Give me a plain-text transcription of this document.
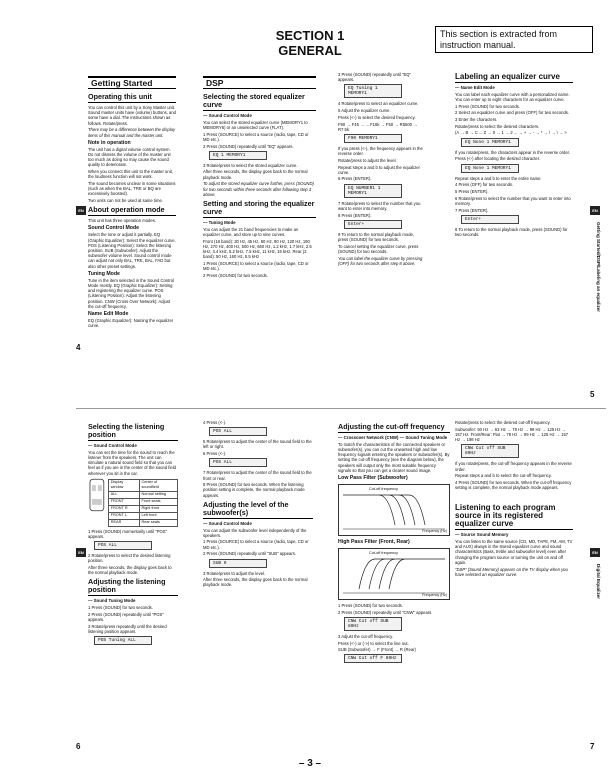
SECTION 1
GENERAL
This section is extracted from instruction manual.
Getting Started
Operating this unit

You can control this unit by a Sony Master unit. Sound master units have (volume) buttons, and some have a dial. The instructions shown as follows. Rotate/press.

There may be a difference between the display items of this manual and the master unit.

Note in operation

The unit has a digital volume control system. Do not dismiss the volume of the master unit too much as doing so may cause the sound quality to deteriorate.

When you connect this unit to the master unit, the loudness function will not work.

The sound becomes unclear in some situations (such as when the BAL, TRE or BQ are excessively boosted).

Two units can not be used at same time.

About operation mode

This unit has three operation modes.

Sound Control Mode

Select the tone or adjust it partially. EQ (Graphic Equalizer): Select the equalizer curve. POS (Listening Position): Select the listening position. SUB (Subwoofer): Adjust the subwoofer volume level. Sound control mode can adjust not only BAL, TRE, BAL, FAD but also other preset settings.

Tuning Mode

Tune in the item selected in the Sound Control Mode mostly. EQ (Graphic Equalizer): Setting and registering the equalizer curve. POS (Listening Position): Adjust the listening position. CNW (Cross Over Network): Adjust the cut-off frequency.

Name Edit Mode

EQ (Graphic Equalizer): Naming the equalizer curve.

DSP
Selecting the stored equalizer curve

— Sound Control Mode

You can select the stored equalizer curve (MEMORY1 to MEMORY6) or an unselected curve (FLAT).

1 Press (SOURCE) to select a source (radio, tape, CD or MD etc.).

2 Press (SOUND) repeatedly until "EQ" appears.

EQ 1 MEMORY1

3 Rotate/press to select the stored equalizer curve.

After three seconds, the display goes back to the normal playback mode.

To adjust the stored equalizer curve further, press (SOUND) for two seconds within three seconds after following step 3 above.

Setting and storing the equalizer curve

— Tuning Mode

You can adjust the 21 band frequencies to make an equalizer curve, and store up to nine curves.

Front (18 band): 30 Hz, 45 Hz, 60 Hz, 90 Hz, 120 Hz, 190 Hz, 270 Hz, 400 Hz, 500 Hz, 660 Hz, 1.2 kHz, 1.7 kHz, 2.5 kHz, 3.4 kHz, 5.2 kHz, 7.5 kHz, 11 kHz, 16 kHz. Rear (3 band): 50 Hz, 160 Hz, 5.5 kHz

1 Press (SOURCE) to select a source (radio, tape, CD or MD etc.).

2 Press (SOUND) for two seconds.

3 Press (SOUND) repeatedly until "EQ" appears.

EQ Tuning 1 MEMORY1

4 Rotate/press to select an equalizer curve.

5 Adjust the equalizer curve.

Press (<-) to select the desired frequency.

F90 → F45 → ... F16k → F50 → R5500 → R7.5k

F90 MEMORY1

If you press (<-), the frequency appears in the reverse order.

Rotate/press to adjust the level.

Repeat steps a and b to adjust the equalizer curve.

6 Press (ENTER).

EQ NUMBER1 1 MEMORY1

7 Rotate/press to select the number that you want to enter into memory.

8 Press (ENTER).

Enter+

9 To return to the normal playback mode, press (SOUND) for two seconds.

To cancel setting the equalizer curve, press (SOUND) for two seconds.

You can label the equalizer curve by pressing (OFF) for two seconds after step 8 above.

Labeling an equalizer curve

— Name Edit Mode

You can label each equalizer curve with a personalized name. You can enter up to eight characters for an equalizer curve.

1 Press (SOUND) for two seconds.

2 Select an equalizer curve and press (OFF) for two seconds.

3 Enter the characters.

Rotate/press to select the desired characters.

(A → B → C ... Z → 0 → 1 → 2 ... → + → - → * → / → \ → >

EQ None 1 MEMORY1

If you rotate/press, the characters appear in the reverse order.

Press (<-) after locating the desired character.

EQ None 1 MEMORY1

Repeat steps a and b to enter the entire name.

4 Press (OFF) for two seconds.

5 Press (ENTER).

6 Rotate/press to select the number that you want to enter into memory.

7 Press (ENTER).

Enter+

8 To return to the normal playback mode, press (SOUND) for two seconds.

4
5
EN	EN
Getting Started/DSP/Labeling an equalizer
Selecting the listening position

— Sound Control Mode

You can set the time for the sound to reach the listener from the speakers. The unit can simulate a natural sound field so that you can feel as if you are in the center of the sound field wherever you sit in the car.

Display window	Center of soundfield
ALL	Normal setting
FRONT	Front seats
FRONT R	Right front
FRONT L	Left front
REAR	Rear seats

1 Press (SOUND) momentarily until "POS" appears.

POS ALL

2 Rotate/press to select the desired listening position.

After three seconds, the display goes back to the normal playback mode.

Adjusting the listening position

— Sound Tuning Mode

1 Press (SOUND) for two seconds.

2 Press (SOUND) repeatedly until "POS" appears.

3 Rotate/press repeatedly until the desired listening position appears.

POS Tuning ALL

4 Press (<-).

POS ALL

5 Rotate/press to adjust the center of the sound field to the left or right.

6 Press (<-).

POS ALL

7 Rotate/press to adjust the center of the sound field to the front or rear.

8 Press (SOUND) for two seconds. When the listening position setting is complete, the normal playback mode appears.

Adjusting the level of the subwoofer(s)

— Sound Control Mode

You can adjust the subwoofer level independently of the speakers.

1 Press (SOURCE) to select a source (radio, tape, CD or MD etc.).

2 Press (SOUND) repeatedly until "SUB" appears.

SUB 0

3 Rotate/press to adjust the level.

After three seconds, the display goes back to the normal playback mode.

Adjusting the cut-off frequency

— Crossover Network (CNW) — Sound Tuning Mode

To match the characteristics of the connected speakers or subwoofer(s), you can cut the unwanted high and low frequency signals entering the speakers or subwoofer(s). By setting the cut-off frequency (see the diagram below), the speakers will output only the most suitable frequency signals so that you can get a clearer sound image.

Low Pass Filter (Subwoofer)
Cut-off frequency
Frequency (Hz)
High Pass Filter (Front, Rear)
Cut-off frequency
Frequency (Hz)

1 Press (SOUND) for two seconds.

2 Press (SOUND) repeatedly until "CNW" appears.

CNW Cut off SUB 80Hz

3 Adjust the cut-off frequency.

Press (<-) or (->) to select the line out.

SUB (Subwoofer) → F (Front) → R (Rear)

CNW Cut off F 80Hz

Rotate/press to select the desired cut-off frequency.

Subwoofer: 50 Hz → 63 Hz → 78 Hz → 99 Hz → 125 Hz → 157 Hz. Front/Rear: Flat → 78 Hz → 99 Hz → 125 Hz → 157 Hz → 198 Hz

CNW Cut off SUB 80Hz

If you rotate/press, the cut-off frequency appears in the reverse order.

Repeat steps a and b to select the cut-off frequency.

4 Press (SOUND) for two seconds. When the cut-off frequency setting is complete, the normal playback mode appears.

Listening to each program source in its registered equalizer curve

— Source Sound Memory

You can listen to the same source (CD, MD, TAPE, FM, AM, TV and AUX) always in the stored equalizer curve and sound characteristics (Bass, treble and subwoofer level) even after changing the program source or turning the unit on and off again.

"DSP" (Sound Memory) appears on the TV display when you have selected an equalizer curve.

EN	EN
Digital Equalizer
6	7
– 3 –
